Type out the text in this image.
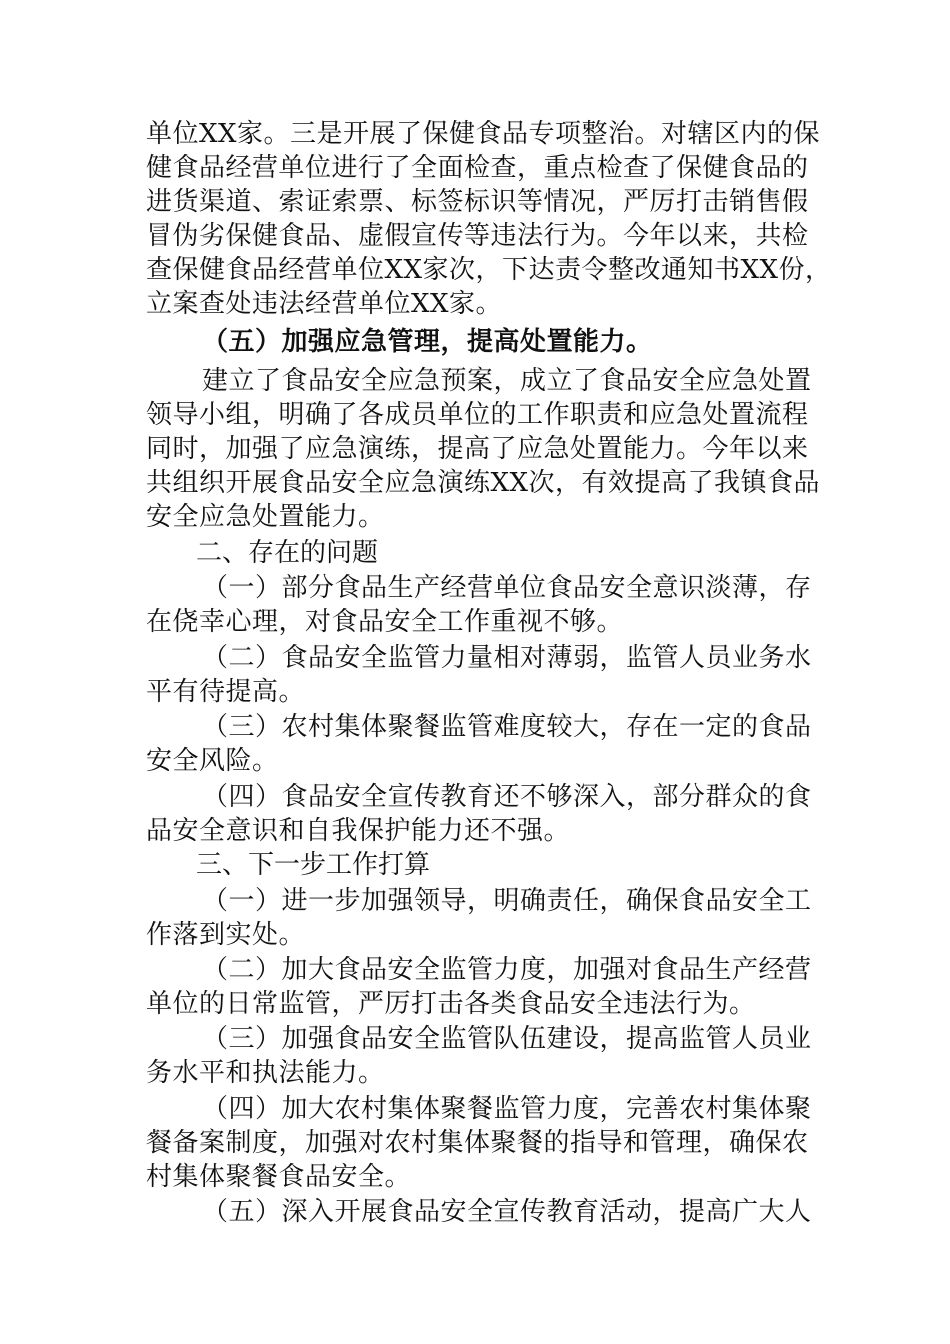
单位XX家。三是开展了保健食品专项整治。对辖区内的保
健食品经营单位进行了全面检查，重点检查了保健食品的
进货渠道、索证索票、标签标识等情况，严厉打击销售假
冒伪劣保健食品、虚假宣传等违法行为。今年以来，共检
查保健食品经营单位XX家次，下达责令整改通知书XX份，
立案查处违法经营单位XX家。
（五）加强应急管理，提高处置能力。
建立了食品安全应急预案，成立了食品安全应急处置
领导小组，明确了各成员单位的工作职责和应急处置流程
同时，加强了应急演练，提高了应急处置能力。今年以来
共组织开展食品安全应急演练XX次，有效提高了我镇食品
安全应急处置能力。
二、存在的问题
（一）部分食品生产经营单位食品安全意识淡薄，存
在侥幸心理，对食品安全工作重视不够。
（二）食品安全监管力量相对薄弱，监管人员业务水
平有待提高。
（三）农村集体聚餐监管难度较大，存在一定的食品
安全风险。
（四）食品安全宣传教育还不够深入，部分群众的食
品安全意识和自我保护能力还不强。
三、下一步工作打算
（一）进一步加强领导，明确责任，确保食品安全工
作落到实处。
（二）加大食品安全监管力度，加强对食品生产经营
单位的日常监管，严厉打击各类食品安全违法行为。
（三）加强食品安全监管队伍建设，提高监管人员业
务水平和执法能力。
（四）加大农村集体聚餐监管力度，完善农村集体聚
餐备案制度，加强对农村集体聚餐的指导和管理，确保农
村集体聚餐食品安全。
（五）深入开展食品安全宣传教育活动，提高广大人
